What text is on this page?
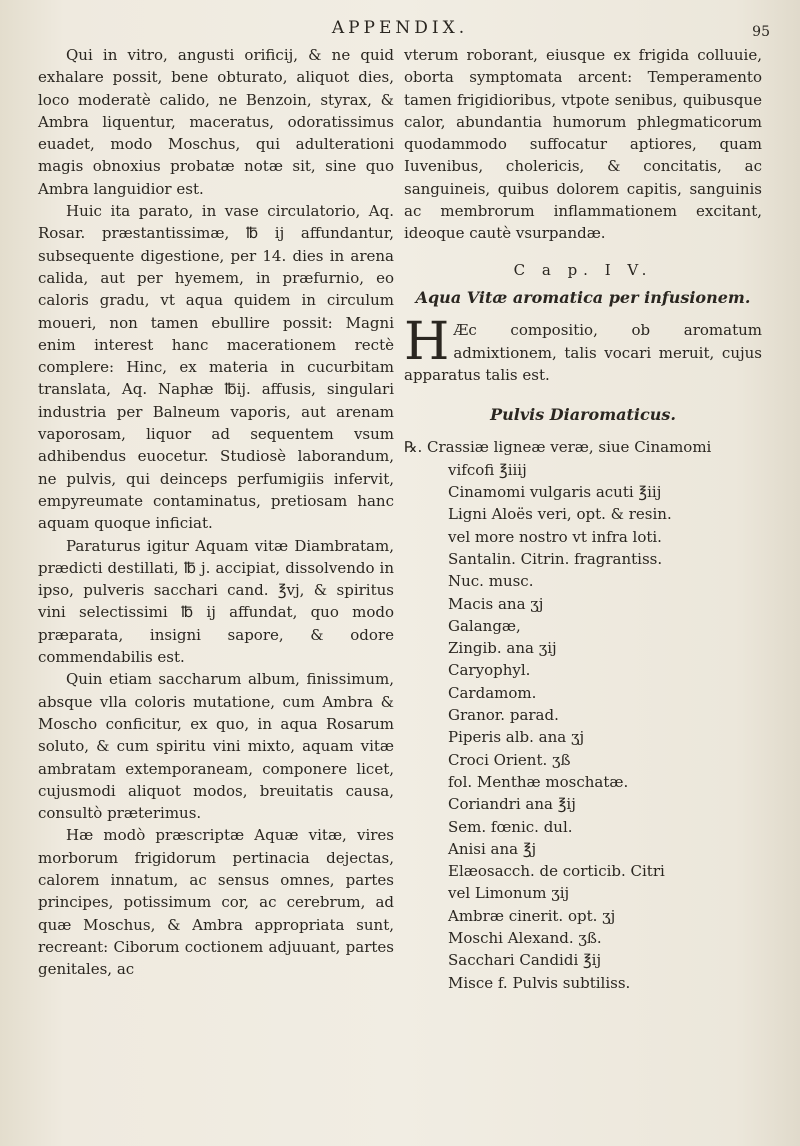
APPENDIX.	95

Qui in vitro, angusti orificij, & ne quid exhalare possit, bene obturato, aliquot dies, loco moderatè calido, ne Benzoin, styrax, & Ambra liquentur, maceratus, odoratissimus euadet, modo Moschus, qui adulterationi magis obnoxius probatæ notæ sit, sine quo Ambra languidior est.

Huic ita parato, in vase circulatorio, Aq. Rosar. præstantissimæ, ℔ ij affundantur, subsequente digestione, per 14. dies in arena calida, aut per hyemem, in præfurnio, eo caloris gradu, vt aqua quidem in circulum moueri, non tamen ebullire possit: Magni enim interest hanc macerationem rectè complere: Hinc, ex materia in cucurbitam translata, Aq. Naphæ ℔ij. affusis, singulari industria per Balneum vaporis, aut arenam vaporosam, liquor ad sequentem vsum adhibendus euocetur. Studiosè laborandum, ne pulvis, qui deinceps perfumigiis infervit, empyreumate contaminatus, pretiosam hanc aquam quoque inficiat.

Paraturus igitur Aquam vitæ Diambratam, prædicti destillati, ℔ j. accipiat, dissolvendo in ipso, pulveris sacchari cand. ℥vj, & spiritus vini selectissimi ℔ ij affundat, quo modo præparata, insigni sapore, & odore commendabilis est.

Quin etiam saccharum album, finissimum, absque vlla coloris mutatione, cum Ambra & Moscho conficitur, ex quo, in aqua Rosarum soluto, & cum spiritu vini mixto, aquam vitæ ambratam extemporaneam, componere licet, cujusmodi aliquot modos, breuitatis causa, consultò præterimus.

Hæ modò præscriptæ Aquæ vitæ, vires morborum frigidorum pertinacia dejectas, calorem innatum, ac sensus omnes, partes principes, potissimum cor, ac cerebrum, ad quæ Moschus, & Ambra appropriata sunt, recreant: Ciborum coctionem adjuuant, partes genitales, ac

vterum roborant, eiusque ex frigida colluuie, oborta symptomata arcent: Temperamento tamen frigidioribus, vtpote senibus, quibusque calor, abundantia humorum phlegmaticorum quodammodo suffocatur aptiores, quam Iuvenibus, cholericis, & concitatis, ac sanguineis, quibus dolorem capitis, sanguinis ac membrorum inflammationem excitant, ideoque cautè vsurpandæ.

C a p. I V.
Aqua Vitæ aromatica per infusionem.

H Æc compositio, ob aromatum admixtionem, talis vocari meruit, cujus apparatus talis est.

Pulvis Diaromaticus.
℞. Crassiæ ligneæ veræ, siue Cinamomi
vifcofi ℥iiij
Cinamomi vulgaris acuti ℥iij
Ligni Aloës veri, opt. & resin.
vel more nostro vt infra loti.
Santalin. Citrin. fragrantiss.
Nuc. musc.
Macis ana ʒj
Galangæ,
Zingib. ana ʒij
Caryophyl.
Cardamom.
Granor. parad.
Piperis alb. ana ʒj
Croci Orient. ʒß
fol. Menthæ moschatæ.
Coriandri ana ℥ij
Sem. fœnic. dul.
Anisi ana ℥j
Elæosacch. de corticib. Citri
vel Limonum ʒij
Ambræ cinerit. opt. ʒj
Moschi Alexand. ʒß.
Sacchari Candidi ℥ij
Misce f. Pulvis subtiliss.
